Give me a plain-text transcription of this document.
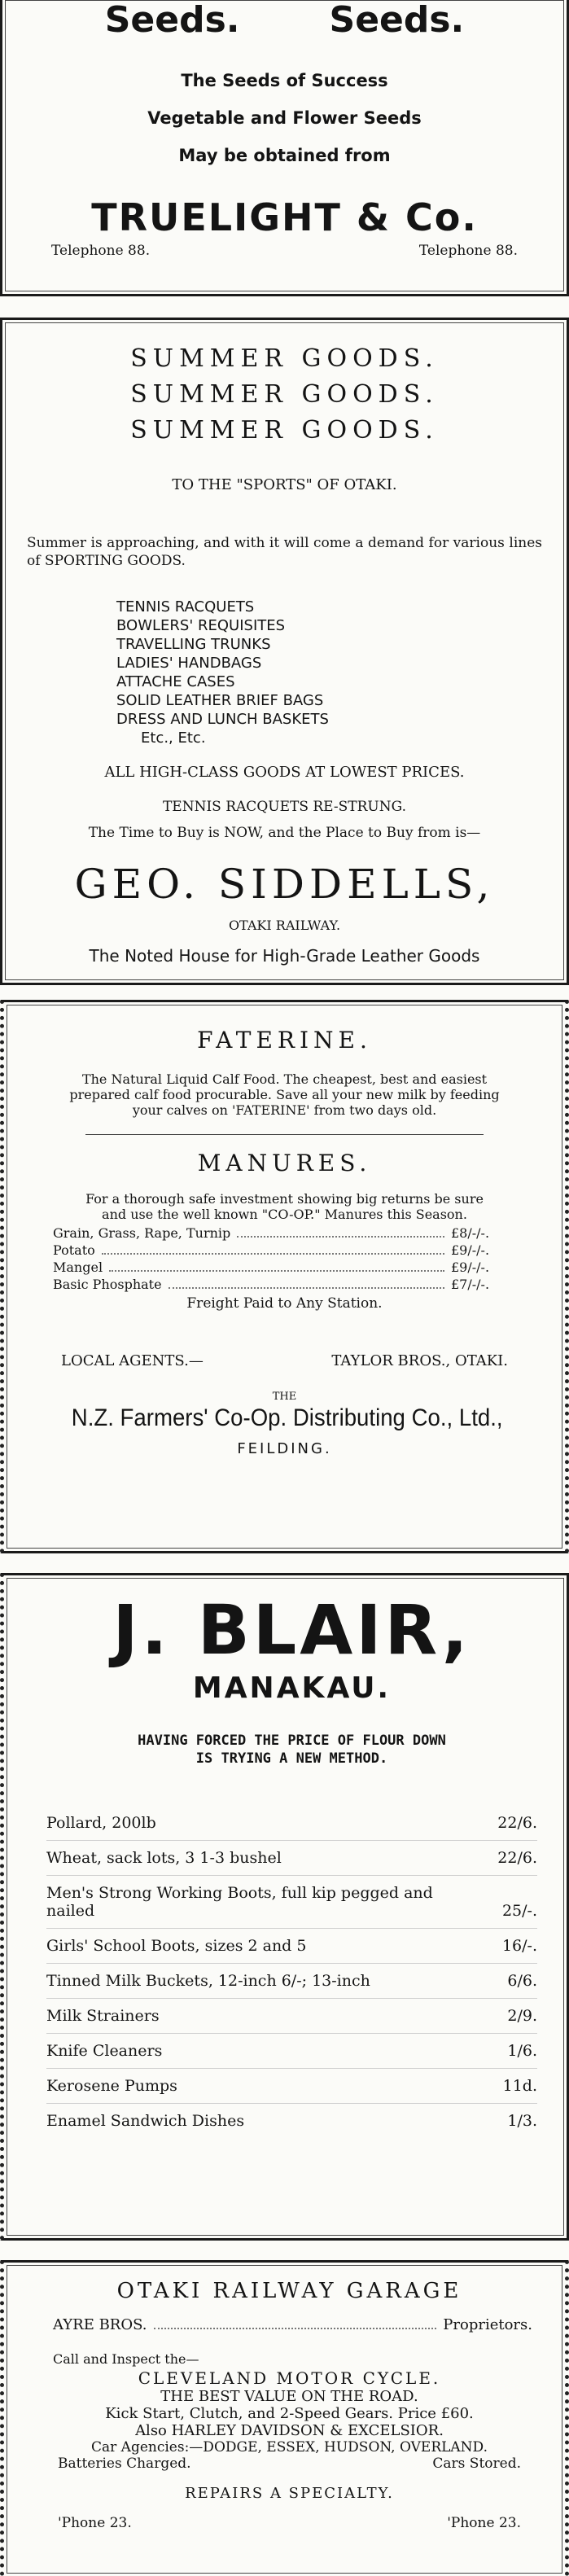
Seeds.	Seeds.
The Seeds of Success
Vegetable and Flower Seeds
May be obtained from
TRUELIGHT & Co.
Telephone 88.	Telephone 88.
SUMMER GOODS.
SUMMER GOODS.
SUMMER GOODS.
TO THE "SPORTS" OF OTAKI.
Summer is approaching, and with it will come a demand for various lines of SPORTING GOODS.
TENNIS RACQUETS
BOWLERS' REQUISITES
TRAVELLING TRUNKS
LADIES' HANDBAGS
ATTACHE CASES
SOLID LEATHER BRIEF BAGS
DRESS AND LUNCH BASKETS
Etc., Etc.
ALL HIGH-CLASS GOODS AT LOWEST PRICES.
TENNIS RACQUETS RE-STRUNG.
The Time to Buy is NOW, and the Place to Buy from is—
GEO. SIDDELLS,
OTAKI RAILWAY.
The Noted House for High-Grade Leather Goods
FATERINE.
The Natural Liquid Calf Food. The cheapest, best and easiest prepared calf food procurable. Save all your new milk by feeding your calves on 'FATERINE' from two days old.
MANURES.
For a thorough safe investment showing big returns be sure and use the well known "CO-OP." Manures this Season.
Grain, Grass, Rape, Turnip	£8/-/-.
Potato	£9/-/-.
Mangel	£9/-/-.
Basic Phosphate	£7/-/-.
Freight Paid to Any Station.
LOCAL AGENTS.—	TAYLOR BROS., OTAKI.
THE
N.Z. Farmers' Co-Op. Distributing Co., Ltd.,
FEILDING.
J. BLAIR,
MANAKAU.
HAVING FORCED THE PRICE OF FLOUR DOWN
IS TRYING A NEW METHOD.
Pollard, 200lb	22/6.
Wheat, sack lots, 3 1-3 bushel	22/6.
Men's Strong Working Boots, full kip pegged and nailed	25/-.
Girls' School Boots, sizes 2 and 5	16/-.
Tinned Milk Buckets, 12-inch 6/-; 13-inch	6/6.
Milk Strainers	2/9.
Knife Cleaners	1/6.
Kerosene Pumps	11d.
Enamel Sandwich Dishes	1/3.
OTAKI RAILWAY GARAGE
AYRE BROS.	Proprietors.
Call and Inspect the—
CLEVELAND MOTOR CYCLE.
THE BEST VALUE ON THE ROAD.
Kick Start, Clutch, and 2-Speed Gears. Price £60.
Also HARLEY DAVIDSON & EXCELSIOR.
Car Agencies:—DODGE, ESSEX, HUDSON, OVERLAND.
Batteries Charged.	Cars Stored.
REPAIRS A SPECIALTY.
'Phone 23.	'Phone 23.
